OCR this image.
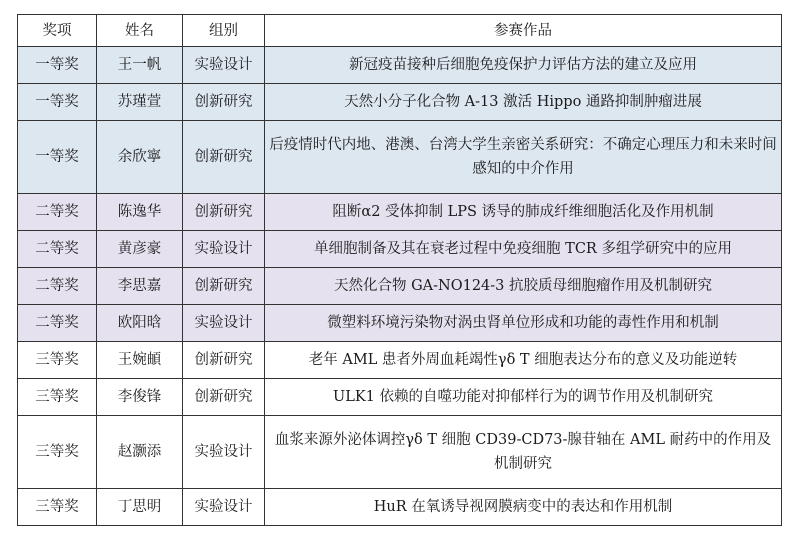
奖项	姓名	组别	参赛作品
一等奖	王一帆	实验设计	新冠疫苗接种后细胞免疫保护力评估方法的建立及应用
一等奖	苏瑾萱	创新研究	天然小分子化合物 A-13 激活 Hippo 通路抑制肿瘤进展
一等奖	余欣寧	创新研究	后疫情时代内地、港澳、台湾大学生亲密关系研究：不确定心理压力和未来时间感知的中介作用
二等奖	陈逸华	创新研究	阻断α2 受体抑制 LPS 诱导的肺成纤维细胞活化及作用机制
二等奖	黄彦豪	实验设计	单细胞制备及其在衰老过程中免疫细胞 TCR 多组学研究中的应用
二等奖	李思嘉	创新研究	天然化合物 GA-NO124-3 抗胶质母细胞瘤作用及机制研究
二等奖	欧阳晗	实验设计	微塑料环境污染物对涡虫肾单位形成和功能的毒性作用和机制
三等奖	王婉頔	创新研究	老年 AML 患者外周血耗竭性γδ T 细胞表达分布的意义及功能逆转
三等奖	李俊锋	创新研究	ULK1 依赖的自噬功能对抑郁样行为的调节作用及机制研究
三等奖	赵灏添	实验设计	血浆来源外泌体调控γδ T 细胞 CD39-CD73-腺苷轴在 AML 耐药中的作用及机制研究
三等奖	丁思明	实验设计	HuR 在氧诱导视网膜病变中的表达和作用机制
